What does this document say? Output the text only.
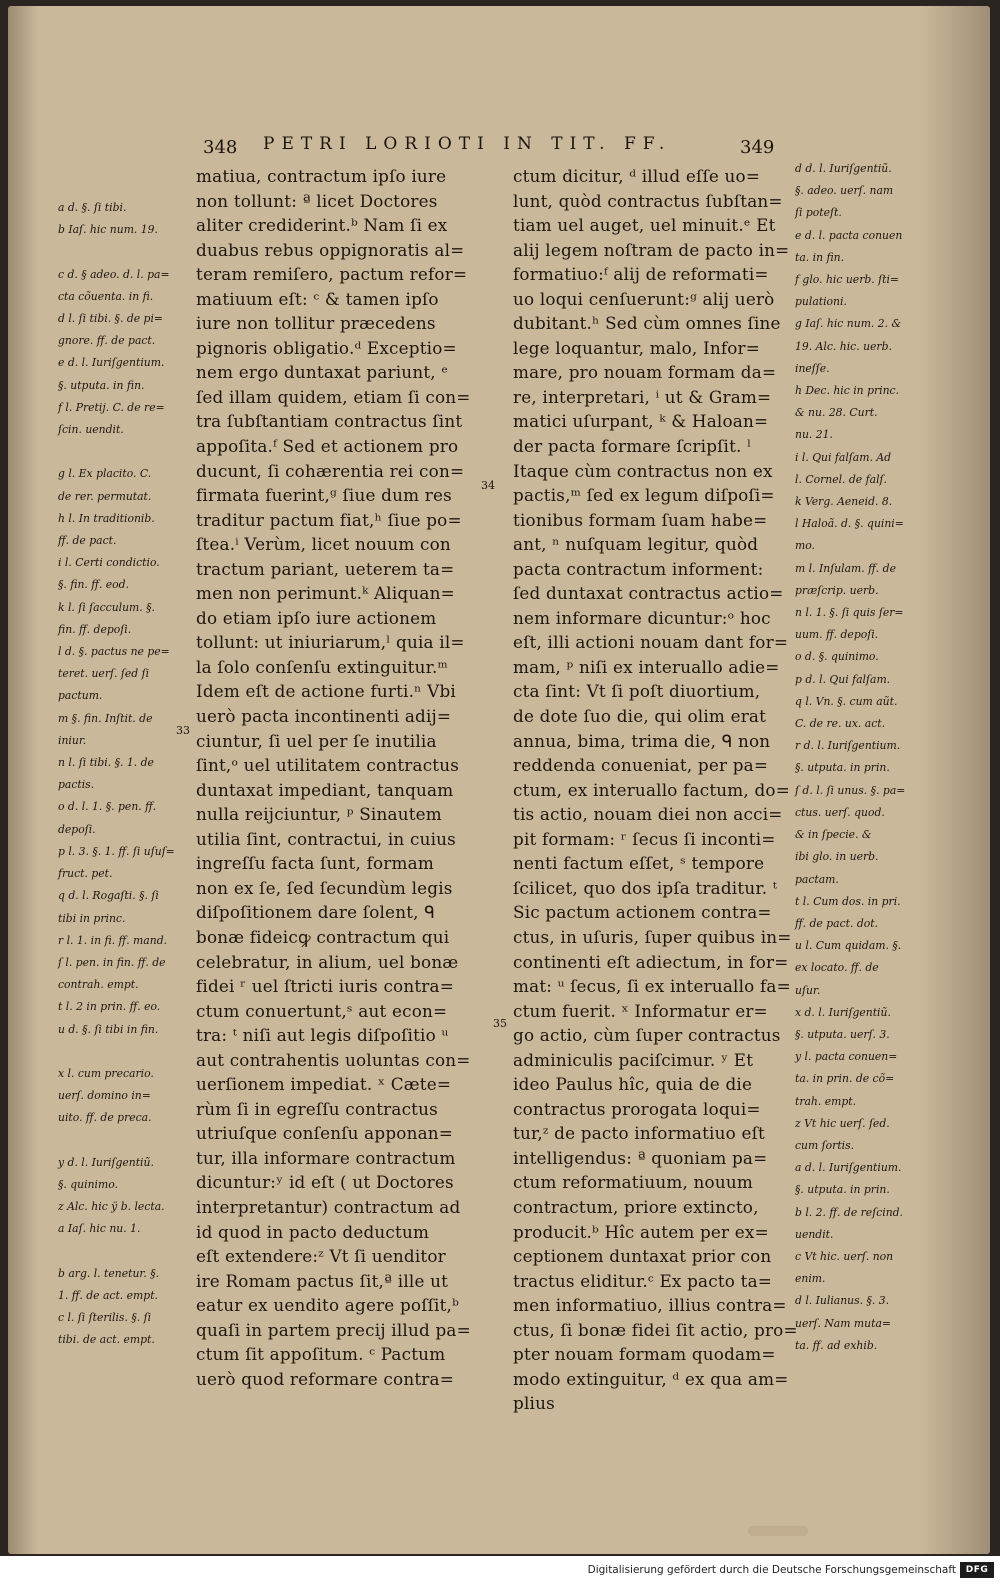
348 PETRI LORIOTI IN TIT. FF.	349
a d. §. ſi tibi.
b Iaſ. hic num. 19.

c d. § adeo. d. l. pa=
cta cõuenta. in fi.
d l. ſi tibi. §. de pi=
gnore. ff. de pact.
e d. l. Iuriſgentium.
§. utputa. in fin.
f l. Pretij. C. de re=
ſcin. uendit.

g l. Ex placito. C.
de rer. permutat.
h l. In traditionib.
ff. de pact.
i l. Certi condictio.
§. fin. ff. eod.
k l. ſi ſacculum. §.
fin. ff. depoſi.
l d. §. pactus ne pe=
teret. uerſ. ſed ſi
pactum.
m §. fin. Inſtit. de
iniur.
n l. ſi tibi. §. 1. de
pactis.
o d. l. 1. §. pen. ff.
depoſi.
p l. 3. §. 1. ff. ſi uſuſ=
fruct. pet.
q d. l. Rogaſti. §. ſi
tibi in princ.
r l. 1. in fi. ff. mand.
ſ l. pen. in fin. ff. de
contrah. empt.
t l. 2 in prin. ff. eo.
u d. §. ſi tibi in fin.

x l. cum precario.
uerſ. domino in=
uito. ff. de preca.

y d. l. Iuriſgentiũ.
§. quinimo.
z Alc. hic ÿ b. lecta.
a Iaſ. hic nu. 1.

b arg. l. tenetur. §.
1. ff. de act. empt.
c l. ſi ſterilis. §. ſi
tibi. de act. empt.
matiua, contractum ipſo iure
non tollunt: ª licet Doctores
aliter crediderint.ᵇ Nam ſi ex
duabus rebus oppignoratis al=
teram remiſero, pactum refor=
matiuum eſt: ᶜ & tamen ipſo
iure non tollitur præcedens
pignoris obligatio.ᵈ Exceptio=
nem ergo duntaxat pariunt, ᵉ
ſed illam quidem, etiam ſi con=
tra ſubſtantiam contractus ſint
appoſita.ᶠ Sed et actionem pro
ducunt, ſi cohærentia rei con=
firmata fuerint,ᵍ ſiue dum res
traditur pactum fiat,ʰ ſiue po=
ſtea.ⁱ Verùm, licet nouum con
tractum pariant, ueterem ta=
men non perimunt.ᵏ Aliquan=
do etiam ipſo iure actionem
tollunt: ut iniuriarum,ˡ quia il=
la ſolo conſenſu extinguitur.ᵐ
Idem eſt de actione furti.ⁿ Vbi
uerò pacta incontinenti adij=
ciuntur, ſi uel per ſe inutilia
ſint,ᵒ uel utilitatem contractus
duntaxat impediant, tanquam
nulla reijciuntur, ᵖ Sinautem
utilia ſint, contractui, in cuius
ingreſſu facta ſunt, formam
non ex ſe, ſed ſecundùm legis
diſpoſitionem dare ſolent, ᑫ
bonæ fideicꝙ contractum qui
celebratur, in alium, uel bonæ
fidei ʳ uel ſtricti iuris contra=
ctum conuertunt,ˢ aut econ=
tra: ᵗ niſi aut legis diſpoſitio ᵘ
aut contrahentis uoluntas con=
uerſionem impediat. ˣ Cæte=
rùm ſi in egreſſu contractus
utriuſque conſenſu apponan=
tur, illa informare contractum
dicuntur:ʸ id eſt ( ut Doctores
interpretantur) contractum ad
id quod in pacto deductum
eſt extendere:ᶻ Vt ſi uenditor
ire Romam pactus ſit,ª ille ut
eatur ex uendito agere poſſit,ᵇ
quaſi in partem precij illud pa=
ctum ſit appoſitum. ᶜ Pactum
uerò quod reformare contra=
ctum dicitur, ᵈ illud eſſe uo=
lunt, quòd contractus ſubſtan=
tiam uel auget, uel minuit.ᵉ Et
alij legem noſtram de pacto in=
formatiuo:ᶠ alij de reformati=
uo loqui cenſuerunt:ᵍ alij uerò
dubitant.ʰ Sed cùm omnes ſine
lege loquantur, malo, Infor=
mare, pro nouam formam da=
re, interpretari, ⁱ ut & Gram=
matici uſurpant, ᵏ & Haloan=
der pacta formare ſcripſit. ˡ
Itaque cùm contractus non ex
pactis,ᵐ ſed ex legum diſpoſi=
tionibus formam ſuam habe=
ant, ⁿ nuſquam legitur, quòd
pacta contractum informent:
ſed duntaxat contractus actio=
nem informare dicuntur:ᵒ hoc
eſt, illi actioni nouam dant for=
mam, ᵖ niſi ex interuallo adie=
cta ſint: Vt ſi poſt diuortium,
de dote ſuo die, qui olim erat
annua, bima, trima die, ᑫ non
reddenda conueniat, per pa=
ctum, ex interuallo factum, do=
tis actio, nouam diei non acci=
pit formam: ʳ ſecus ſi inconti=
nenti factum eſſet, ˢ tempore
ſcilicet, quo dos ipſa traditur. ᵗ
Sic pactum actionem contra=
ctus, in uſuris, ſuper quibus in=
continenti eſt adiectum, in for=
mat: ᵘ ſecus, ſi ex interuallo fa=
ctum fuerit. ˣ Informatur er=
go actio, cùm ſuper contractus
adminiculis paciſcimur. ʸ Et
ideo Paulus hîc, quia de die
contractus prorogata loqui=
tur,ᶻ de pacto informatiuo eſt
intelligendus: ª quoniam pa=
ctum reformatiuum, nouum
contractum, priore extincto,
producit.ᵇ Hîc autem per ex=
ceptionem duntaxat prior con
tractus eliditur.ᶜ Ex pacto ta=
men informatiuo, illius contra=
ctus, ſi bonæ fidei ſit actio, pro=
pter nouam formam quodam=
modo extinguitur, ᵈ ex qua am=
plius
d d. l. Iuriſgentiũ.
§. adeo. uerſ. nam
ſi poteſt.
e d. l. pacta conuen
ta. in fin.
f glo. hic uerb. ſti=
pulationi.
g Iaſ. hic num. 2. &
19. Alc. hic. uerb.
ineſſe.
h Dec. hic in princ.
& nu. 28. Curt.
nu. 21.
i l. Qui falſam. Ad
l. Cornel. de falſ.
k Verg. Aeneid. 8.
l Haloã. d. §. quini=
mo.
m l. Inſulam. ff. de
præſcrip. uerb.
n l. 1. §. ſi quis ſer=
uum. ff. depoſi.
o d. §. quinimo.
p d. l. Qui falſam.
q l. Vn. §. cum aũt.
C. de re. ux. act.
r d. l. Iuriſgentium.
§. utputa. in prin.
ſ d. l. ſi unus. §. pa=
ctus. uerſ. quod.
& in ſpecie. &
ibi glo. in uerb.
pactam.
t l. Cum dos. in pri.
ff. de pact. dot.
u l. Cum quidam. §.
ex locato. ff. de
uſur.
x d. l. Iuriſgentiũ.
§. utputa. uerſ. 3.
y l. pacta conuen=
ta. in prin. de cõ=
trah. empt.
z Vt hic uerſ. ſed.
cum ſortis.
a d. l. Iuriſgentium.
§. utputa. in prin.
b l. 2. ff. de reſcind.
uendit.
c Vt hic. uerſ. non
enim.
d l. Iulianus. §. 3.
uerſ. Nam muta=
ta. ff. ad exhib.
33
34
35
Digitalisierung gefördert durch die Deutsche Forschungsgemeinschaft	DFG
